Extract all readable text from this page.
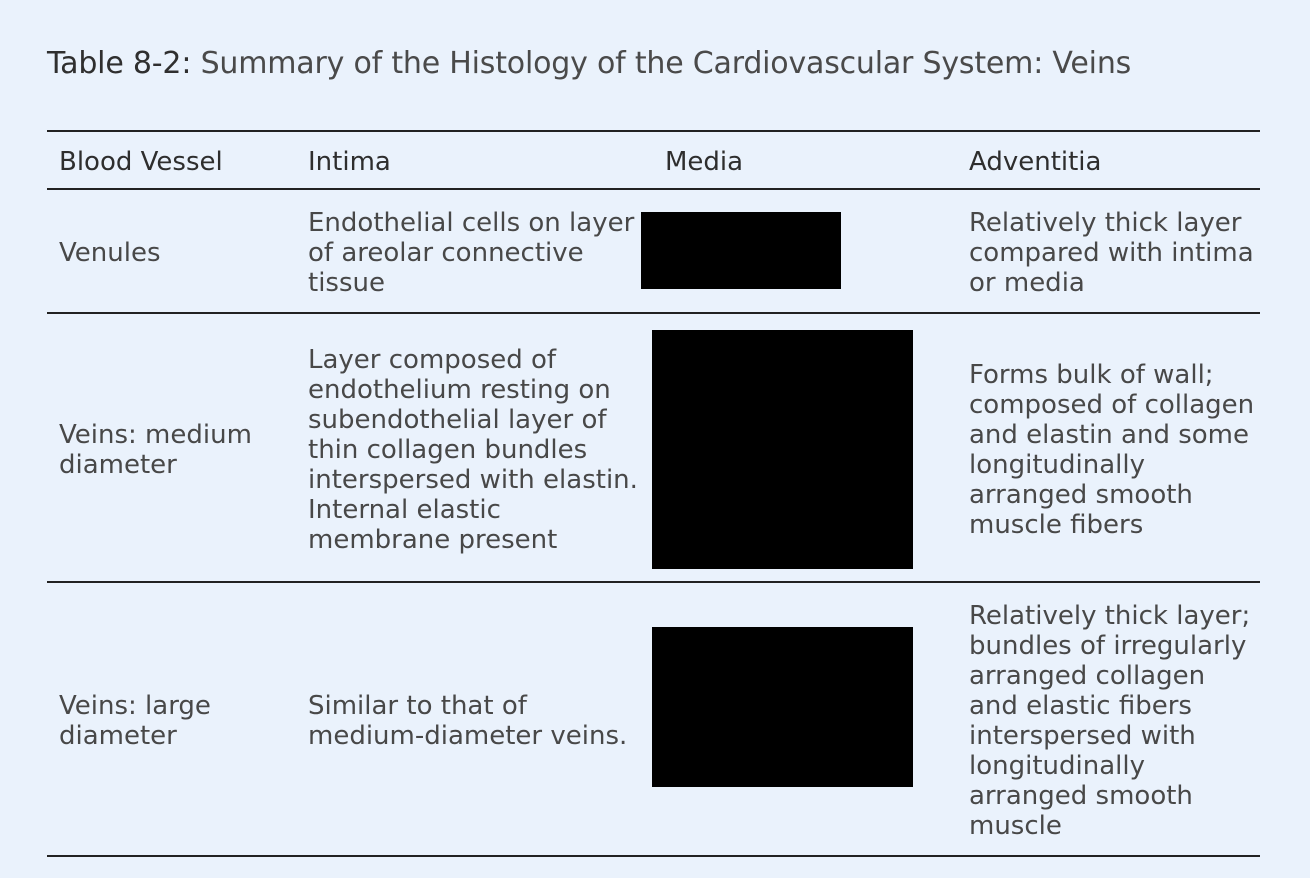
Table 8-2: Summary of the Histology of the Cardiovascular System: Veins
Blood Vessel	Intima	Media	Adventitia
Venules	Endothelial cells on layer of areolar connective tissue		Relatively thick layer compared with intima or media
Veins: medium diameter	Layer composed of endothelium resting on subendothelial layer of thin collagen bundles interspersed with elastin. Internal elastic membrane present		Forms bulk of wall; composed of collagen and elastin and some longitudinally arranged smooth muscle fibers
Veins: large diameter	Similar to that of medium-diameter veins.		Relatively thick layer; bundles of irregularly arranged collagen and elastic fibers interspersed with longitudinally arranged smooth muscle
